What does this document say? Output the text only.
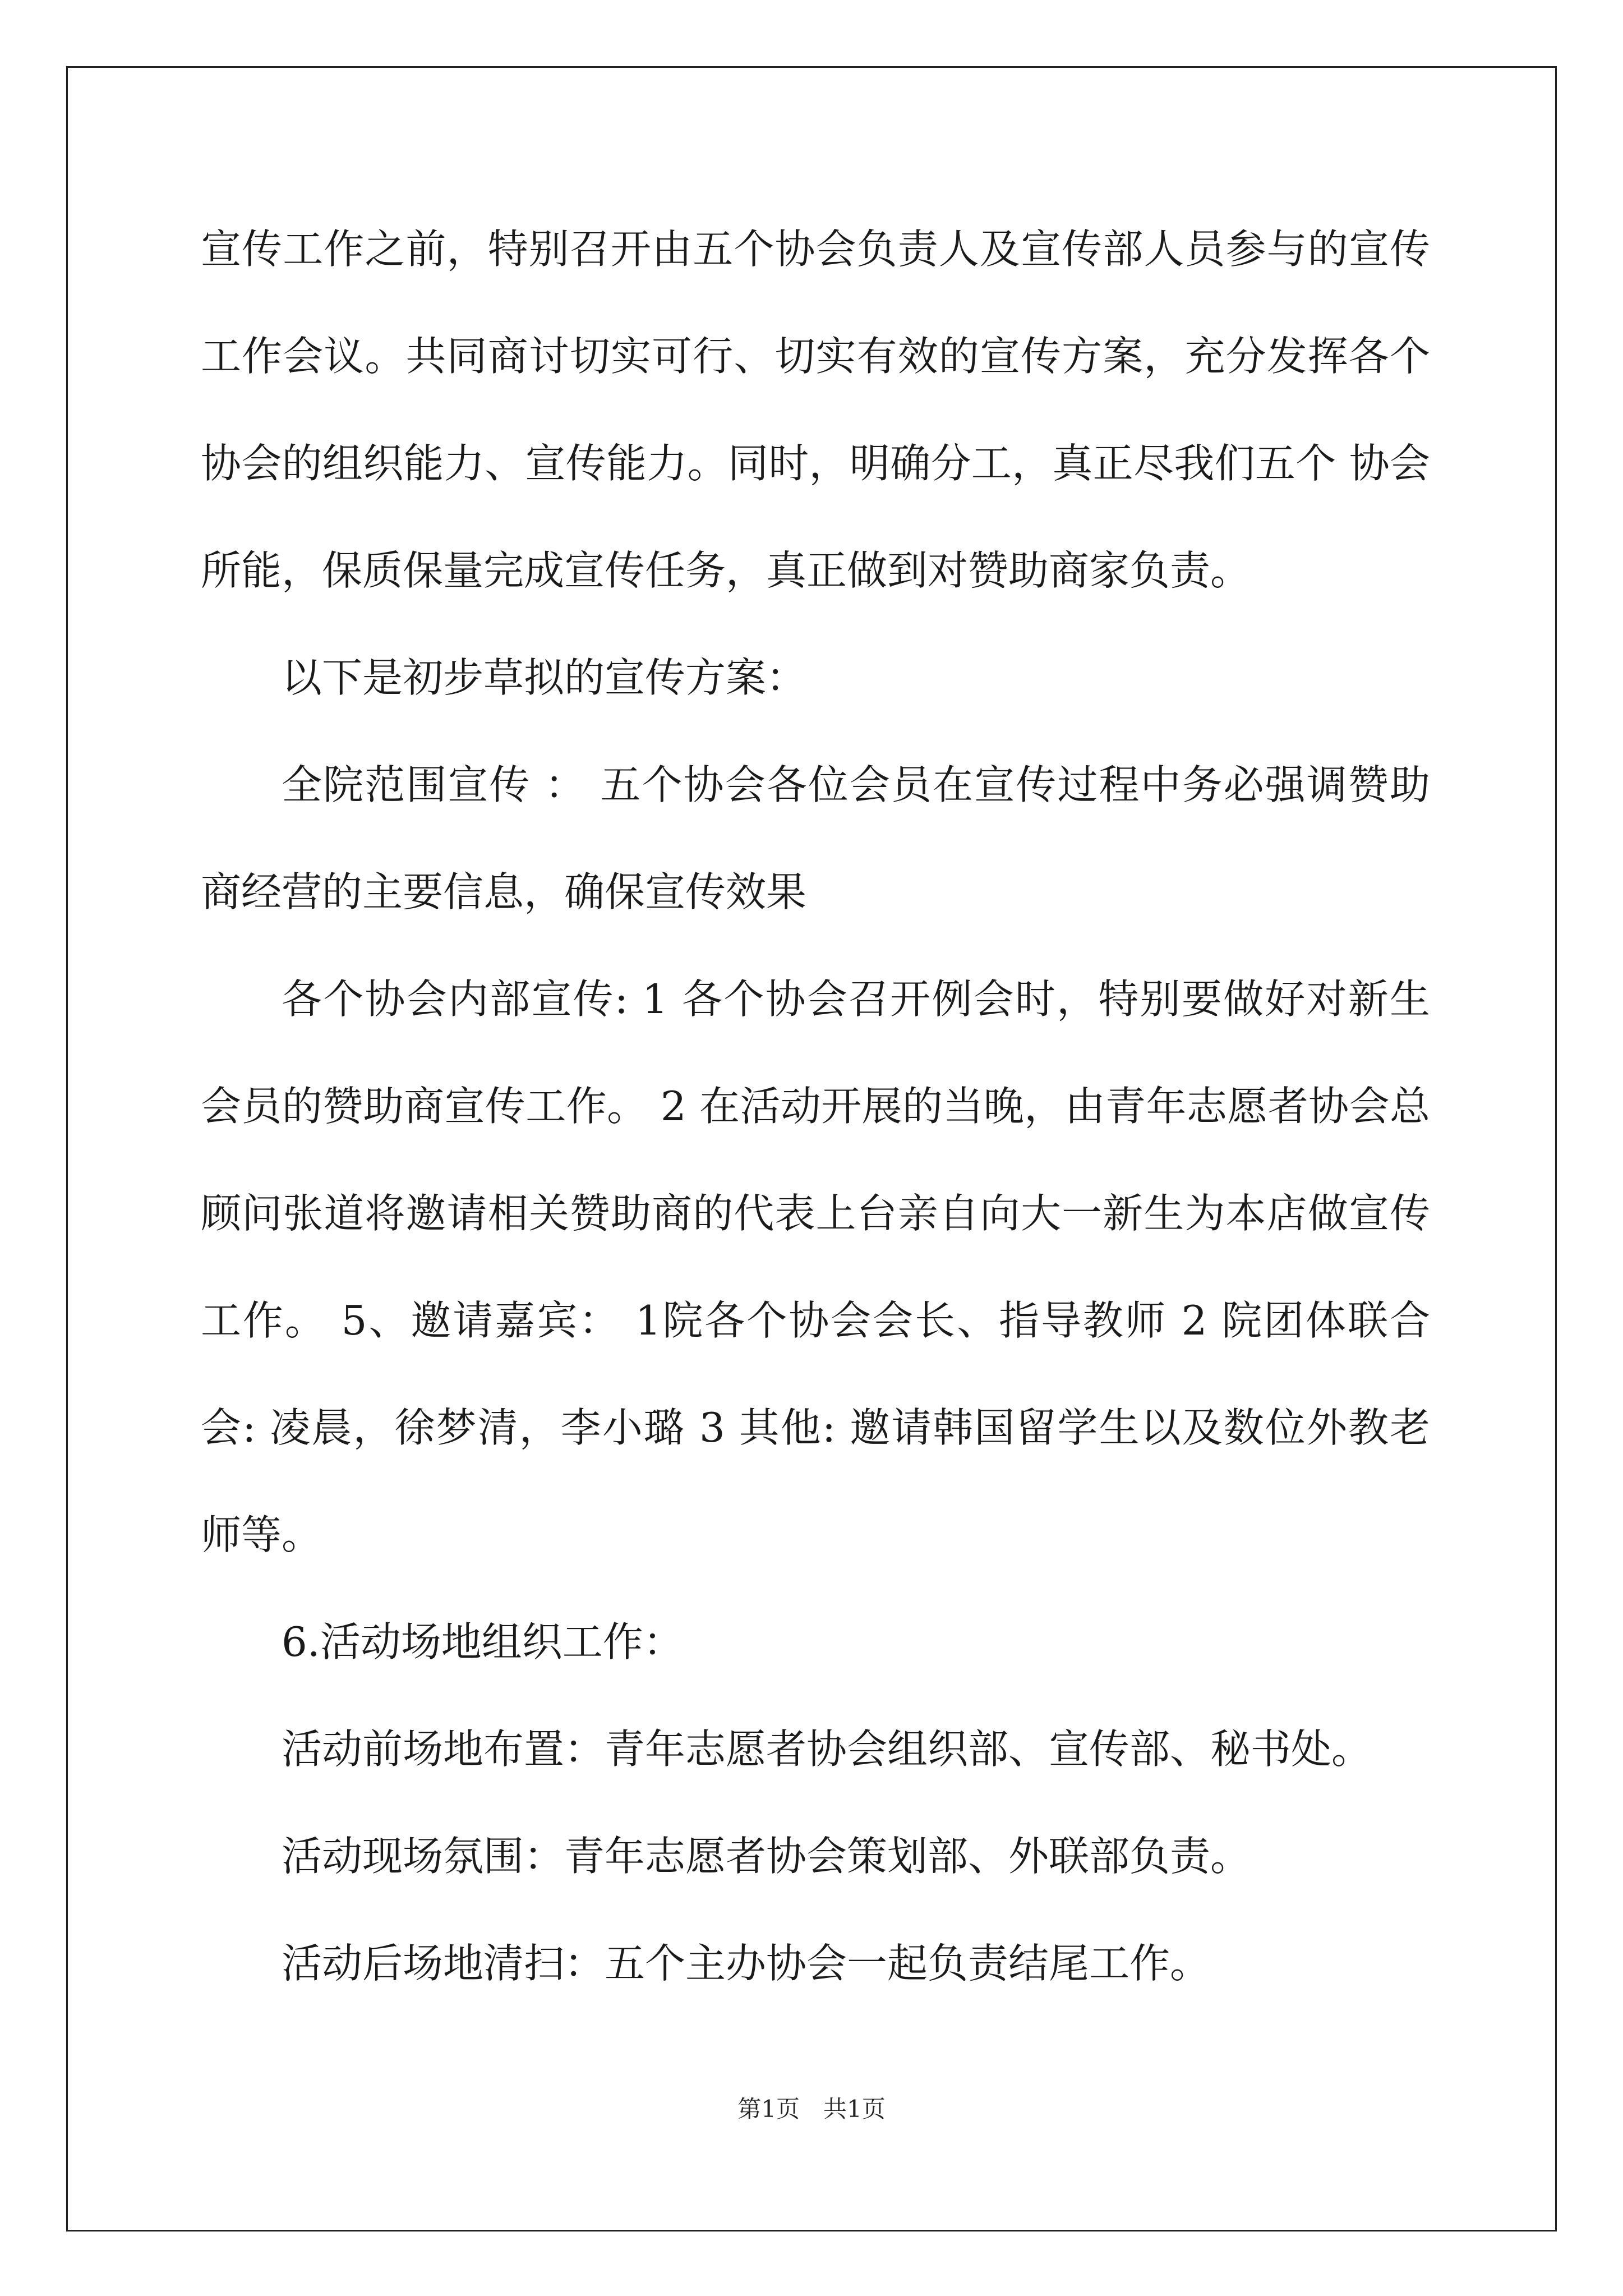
宣传工作之前，特别召开由五个协会负责人及宣传部人员参与的宣传
工作会议。共同商讨切实可行、切实有效的宣传方案，充分发挥各个
协会的组织能力、宣传能力。同时，明确分工，真正尽我们五个 协会
所能，保质保量完成宣传任务，真正做到对赞助商家负责。
以下是初步草拟的宣传方案：
全院范围宣传 ： 五个协会各位会员在宣传过程中务必强调赞助
商经营的主要信息，确保宣传效果
各个协会内部宣传: 1 各个协会召开例会时，特别要做好对新生
会员的赞助商宣传工作。 2 在活动开展的当晚，由青年志愿者协会总
顾问张道将邀请相关赞助商的代表上台亲自向大一新生为本店做宣传
工作。 5、邀请嘉宾： 1院各个协会会长、指导教师 2 院团体联合
会: 凌晨，徐梦清，李小璐 3 其他: 邀请韩国留学生以及数位外教老
师等。
6.活动场地组织工作：
活动前场地布置：青年志愿者协会组织部、宣传部、秘书处。
活动现场氛围：青年志愿者协会策划部、外联部负责。
活动后场地清扫：五个主办协会一起负责结尾工作。
第1页　共1页
